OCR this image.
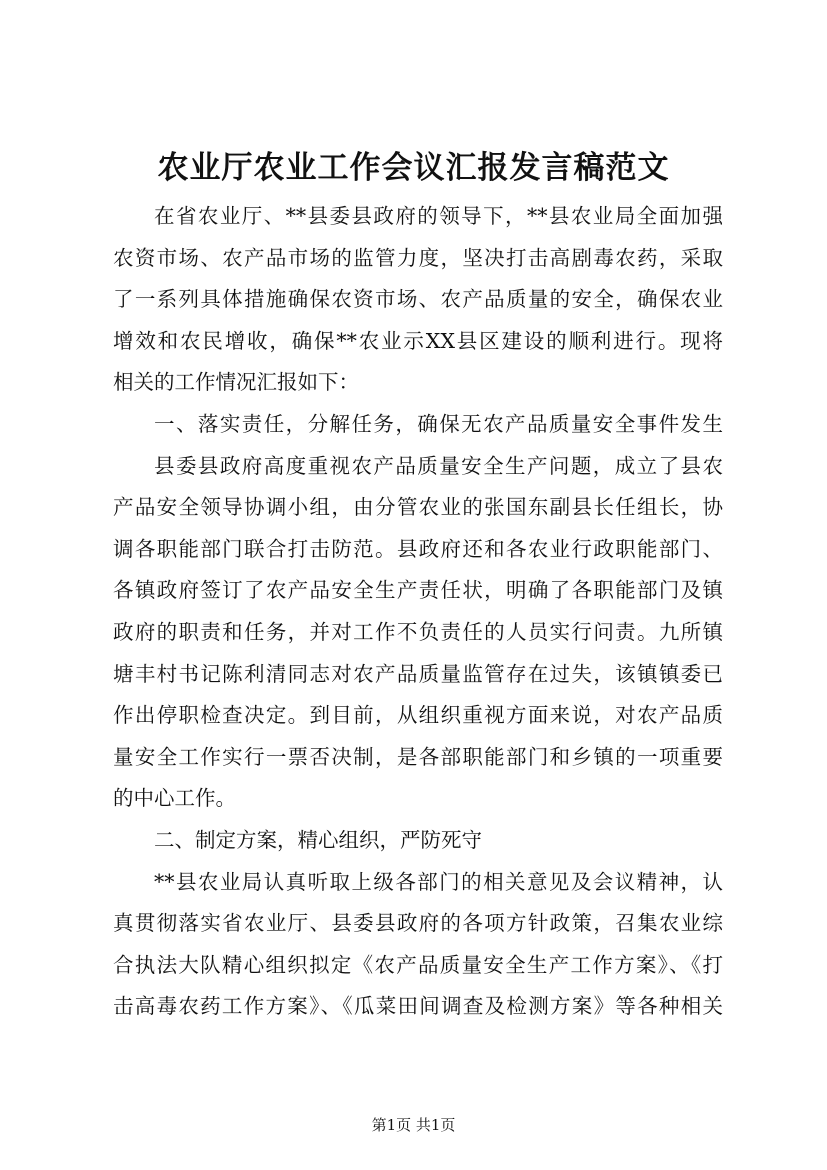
农业厅农业工作会议汇报发言稿范文
在省农业厅、**县委县政府的领导下，**县农业局全面加强
农资市场、农产品市场的监管力度，坚决打击高剧毒农药，采取
了一系列具体措施确保农资市场、农产品质量的安全，确保农业
增效和农民增收，确保**农业示XX县区建设的顺利进行。现将
相关的工作情况汇报如下：
一、落实责任，分解任务，确保无农产品质量安全事件发生
县委县政府高度重视农产品质量安全生产问题，成立了县农
产品安全领导协调小组，由分管农业的张国东副县长任组长，协
调各职能部门联合打击防范。县政府还和各农业行政职能部门、
各镇政府签订了农产品安全生产责任状，明确了各职能部门及镇
政府的职责和任务，并对工作不负责任的人员实行问责。九所镇
塘丰村书记陈利清同志对农产品质量监管存在过失，该镇镇委已
作出停职检查决定。到目前，从组织重视方面来说，对农产品质
量安全工作实行一票否决制，是各部职能部门和乡镇的一项重要
的中心工作。
二、制定方案，精心组织，严防死守
**县农业局认真听取上级各部门的相关意见及会议精神，认
真贯彻落实省农业厅、县委县政府的各项方针政策，召集农业综
合执法大队精心组织拟定《农产品质量安全生产工作方案》、《打
击高毒农药工作方案》、《瓜菜田间调查及检测方案》等各种相关
第1页 共1页
